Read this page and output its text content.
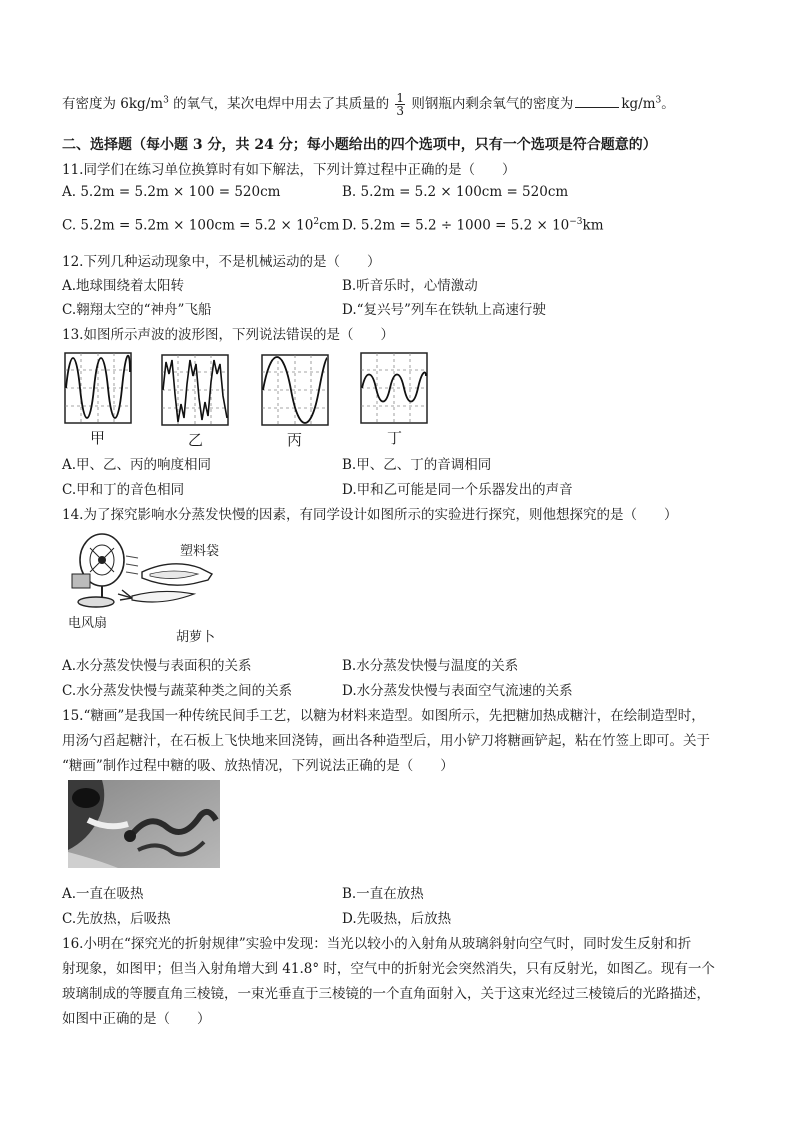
有密度为 $6kg/m^3$ 的氧气，某次电焊中用去了其质量的 $\frac{1}{3}$ 则钢瓶内剩余氧气的密度为	$kg/m^3$。
二、选择题（每小题 3 分，共 24 分；每小题给出的四个选项中，只有一个选项是符合题意的）
11.同学们在练习单位换算时有如下解法，下列计算过程中正确的是（　　）
A. 5.2m = 5.2m × 100 = 520cm	B. 5.2m = 5.2 × 100cm = 520cm
C. $5.2m = 5.2m \times 100cm = 5.2 \times 10^2cm$ D. $5.2m = 5.2 \div 1000 = 5.2 \times 10^{-3}km$
12.下列几种运动现象中，不是机械运动的是（　　）
A.地球围绕着太阳转	B.听音乐时，心情激动
C.翱翔太空的“神舟”飞船	D.“复兴号”列车在铁轨上高速行驶
13.如图所示声波的波形图，下列说法错误的是（　　）
甲	乙	丙	丁
A.甲、乙、丙的响度相同	B.甲、乙、丁的音调相同
C.甲和丁的音色相同	D.甲和乙可能是同一个乐器发出的声音
14.为了探究影响水分蒸发快慢的因素，有同学设计如图所示的实验进行探究，则他想探究的是（　　）
塑料袋
电风扇
胡萝卜
A.水分蒸发快慢与表面积的关系	B.水分蒸发快慢与温度的关系
C.水分蒸发快慢与蔬菜种类之间的关系	D.水分蒸发快慢与表面空气流速的关系
15.“糖画”是我国一种传统民间手工艺，以糖为材料来造型。如图所示，先把糖加热成糖汁，在绘制造型时，
用汤勺舀起糖汁，在石板上飞快地来回浇铸，画出各种造型后，用小铲刀将糖画铲起，粘在竹签上即可。关于
“糖画”制作过程中糖的吸、放热情况，下列说法正确的是（　　）
A.一直在吸热	B.一直在放热
C.先放热，后吸热	D.先吸热，后放热
16.小明在“探究光的折射规律”实验中发现：当光以较小的入射角从玻璃斜射向空气时，同时发生反射和折
射现象，如图甲；但当入射角增大到 41.8° 时，空气中的折射光会突然消失，只有反射光，如图乙。现有一个
玻璃制成的等腰直角三棱镜，一束光垂直于三棱镜的一个直角面射入，关于这束光经过三棱镜后的光路描述，
如图中正确的是（　　）
